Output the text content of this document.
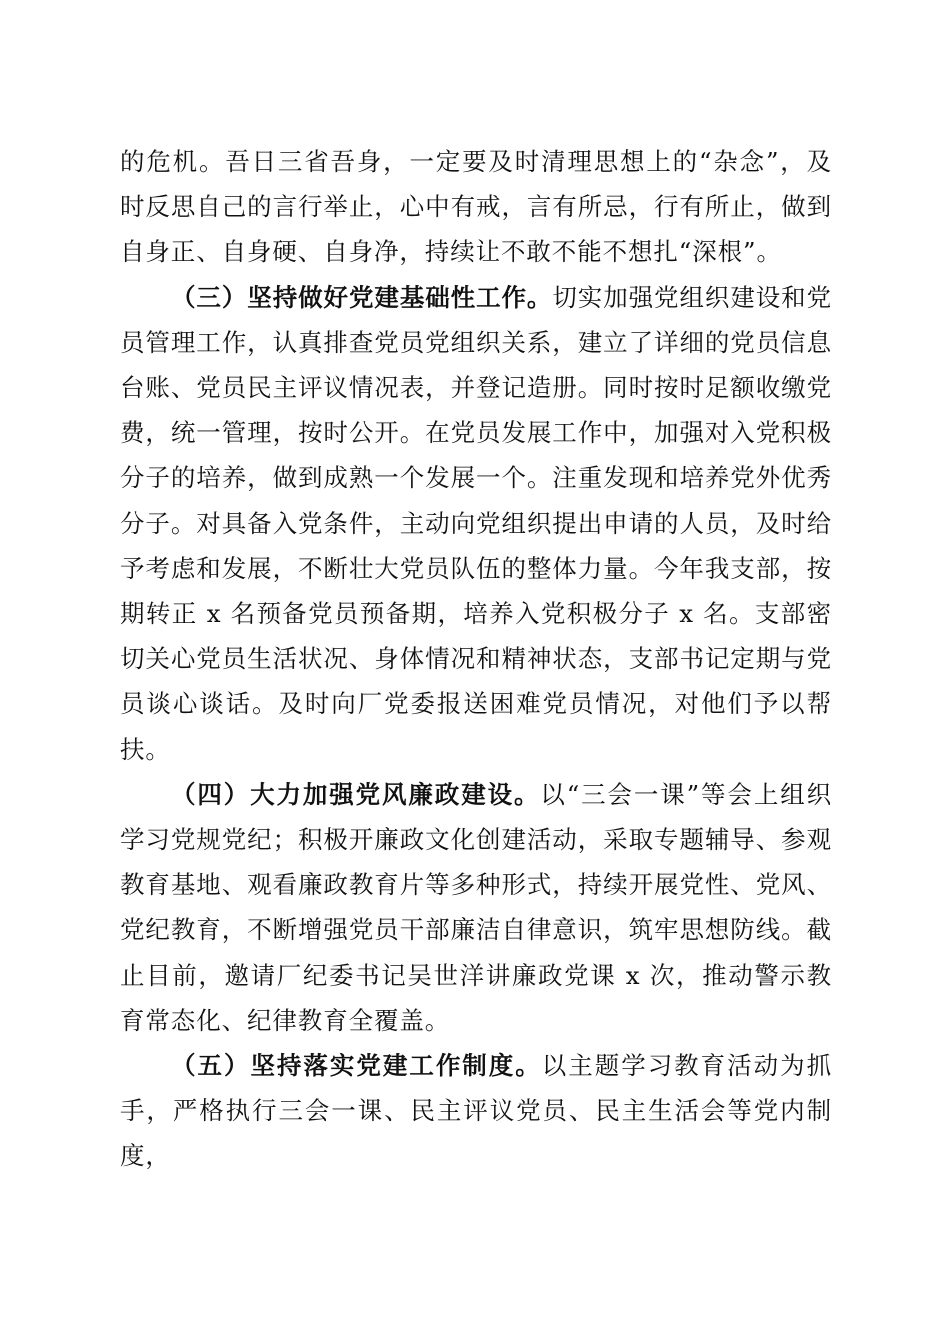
的危机。吾日三省吾身，一定要及时清理思想上的“杂念”，及时反思自己的言行举止，心中有戒，言有所忌，行有所止，做到自身正、自身硬、自身净，持续让不敢不能不想扎“深根”。

（三）坚持做好党建基础性工作。切实加强党组织建设和党员管理工作，认真排查党员党组织关系，建立了详细的党员信息台账、党员民主评议情况表，并登记造册。同时按时足额收缴党费，统一管理，按时公开。在党员发展工作中，加强对入党积极分子的培养，做到成熟一个发展一个。注重发现和培养党外优秀分子。对具备入党条件，主动向党组织提出申请的人员，及时给予考虑和发展，不断壮大党员队伍的整体力量。今年我支部，按期转正 x 名预备党员预备期，培养入党积极分子 x 名。支部密切关心党员生活状况、身体情况和精神状态，支部书记定期与党员谈心谈话。及时向厂党委报送困难党员情况，对他们予以帮扶。

（四）大力加强党风廉政建设。以“三会一课”等会上组织学习党规党纪；积极开廉政文化创建活动，采取专题辅导、参观教育基地、观看廉政教育片等多种形式，持续开展党性、党风、党纪教育，不断增强党员干部廉洁自律意识，筑牢思想防线。截止目前，邀请厂纪委书记吴世洋讲廉政党课 x 次，推动警示教育常态化、纪律教育全覆盖。

（五）坚持落实党建工作制度。以主题学习教育活动为抓手，严格执行三会一课、民主评议党员、民主生活会等党内制度，
